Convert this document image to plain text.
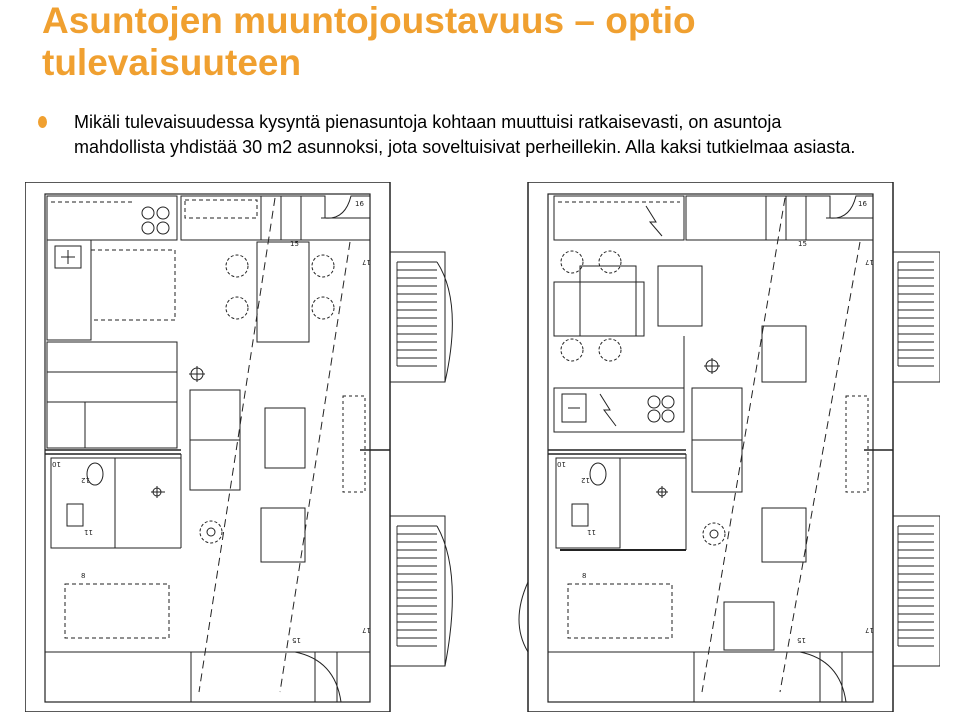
Asuntojen muuntojoustavuus – optio
tulevaisuuteen
Mikäli tulevaisuudessa kysyntä pienasuntoja kohtaan muuttuisi ratkaisevasti, on asuntoja
mahdollista yhdistää 30 m2 asunnoksi, jota soveltuisivat perheillekin. Alla kaksi tutkielmaa asiasta.
16
15
17
10
12
11
8
15
17
16
15
17
10
12
11
8
15
17
